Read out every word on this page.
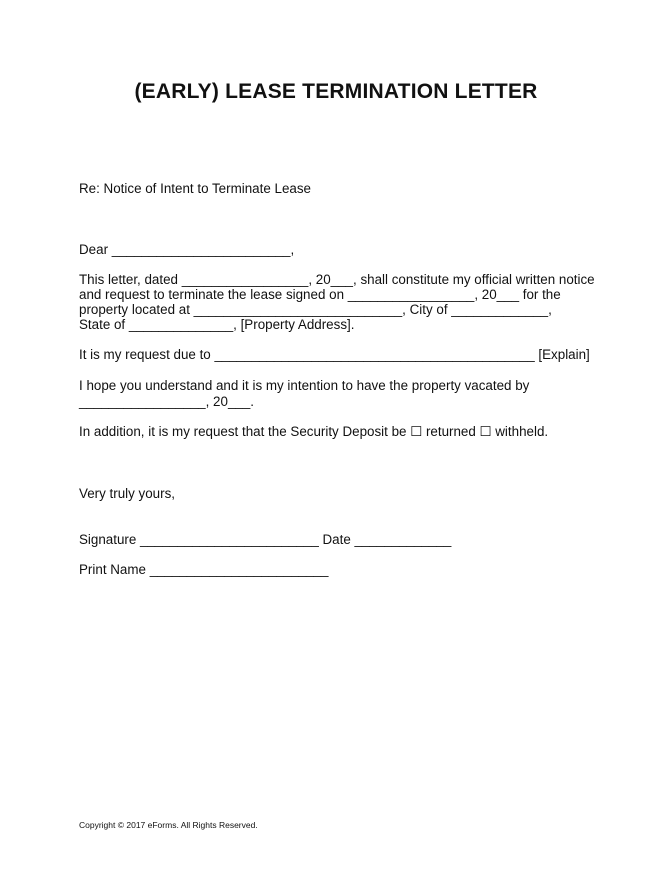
(EARLY) LEASE TERMINATION LETTER
Re: Notice of Intent to Terminate Lease
Dear ________________________,
This letter, dated _________________, 20___, shall constitute my official written notice
and request to terminate the lease signed on _________________, 20___ for the
property located at ____________________________, City of _____________,
State of ______________, [Property Address].
It is my request due to ___________________________________________ [Explain]
I hope you understand and it is my intention to have the property vacated by
_________________, 20___.
In addition, it is my request that the Security Deposit be ☐ returned ☐ withheld.
Very truly yours,
Signature ________________________ Date _____________
Print Name ________________________
Copyright © 2017 eForms. All Rights Reserved.
